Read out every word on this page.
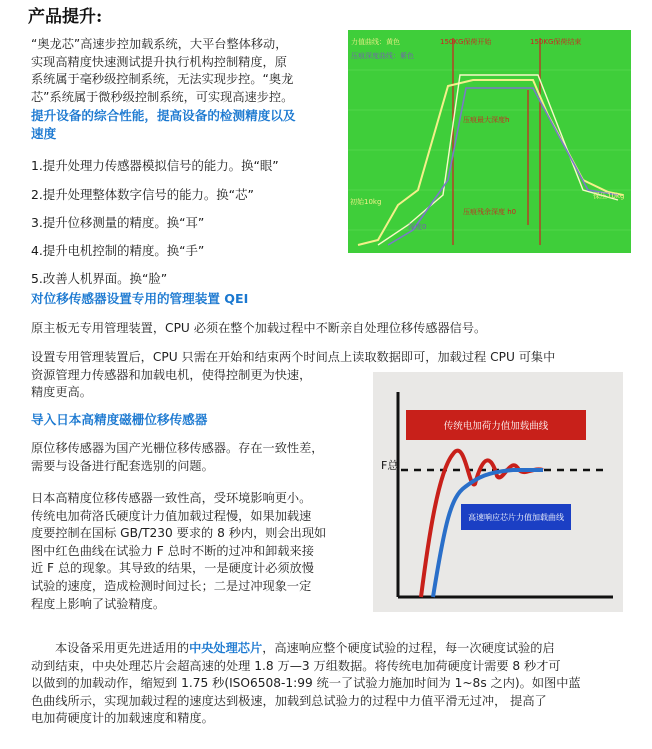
产品提升:
“奥龙芯”高速步控加载系统，大平台整体移动，
实现高精度快速测试提升执行机构控制精度，原
系统属于毫秒级控制系统，无法实现步控。“奥龙
芯”系统属于微秒级控制系统，可实现高速步控。
提升设备的综合性能，提高设备的检测精度以及
速度
1.提升处理力传感器模拟信号的能力。换“眼”
2.提升处理整体数字信号的能力。换“芯”
3.提升位移测量的精度。换“耳”
4.提升电机控制的精度。换“手”
5.改善人机界面。换“脸”
对位移传感器设置专用的管理装置 QEI
原主板无专用管理装置，CPU 必须在整个加载过程中不断亲自处理位移传感器信号。
设置专用管理装置后，CPU 只需在开始和结束两个时间点上读取数据即可，加载过程 CPU 可集中
资源管理力传感器和加载电机，使得控制更为快速，
精度更高。
导入日本高精度磁栅位移传感器
原位移传感器为国产光栅位移传感器。存在一致性差，
需要与设备进行配套选别的问题。
日本高精度位移传感器一致性高，受环境影响更小。
传统电加荷洛氏硬度计力值加载过程慢，如果加载速
度要控制在国标 GB/T230 要求的 8 秒内，则会出现如
图中红色曲线在试验力 F 总时不断的过冲和卸载来接
近 F 总的现象。其导致的结果，一是硬度计必须放慢
试验的速度，造成检测时间过长；二是过冲现象一定
程度上影响了试验精度。
本设备采用更先进适用的中央处理芯片，高速响应整个硬度试验的过程，每一次硬度试验的启
动到结束，中央处理芯片会超高速的处理 1.8 万—3 万组数据。将传统电加荷硬度计需要 8 秒才可
以做到的加载动作，缩短到 1.75 秒(ISO6508-1:99 统一了试验力施加时间为 1~8s 之内)。如图中蓝
色曲线所示，实现加载过程的速度达到极速，加载到总试验力的过程中力值平滑无过冲， 提高了
电加荷硬度计的加载速度和精度。
力值曲线：黄色
压痕深度曲线：紫色
150KG保荷开始	150KG保荷结束
压痕最大深度h
初始10kg
保压10kg
压痕残余深度 h0
深度0
传统电加荷力值加载曲线
高速响应芯片力值加载曲线
F总
